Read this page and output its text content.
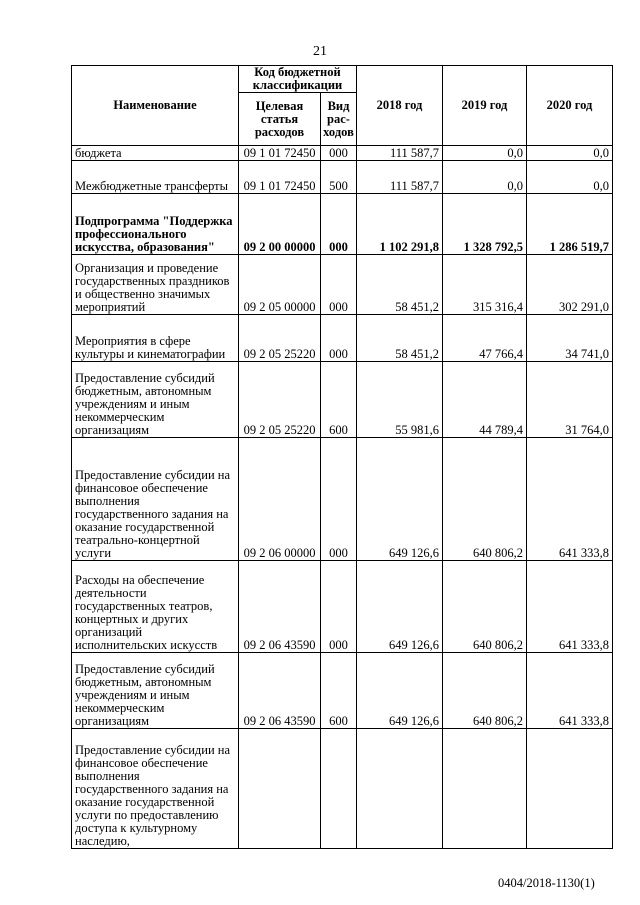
21
Наименование	Код бюджетной классификации		2018 год	2019 год	2020 год
	Целевая статья расходов	Вид рас-ходов			
бюджета	09 1 01 72450	000	111 587,7	0,0	0,0
Межбюджетные трансферты	09 1 01 72450	500	111 587,7	0,0	0,0
Подпрограмма "Поддержка профессионального искусства, образования"	09 2 00 00000	000	1 102 291,8	1 328 792,5	1 286 519,7
Организация и проведение государственных праздников и общественно значимых мероприятий	09 2 05 00000	000	58 451,2	315 316,4	302 291,0
Мероприятия в сфере культуры и кинематографии	09 2 05 25220	000	58 451,2	47 766,4	34 741,0
Предоставление субсидий бюджетным, автономным учреждениям и иным некоммерческим организациям	09 2 05 25220	600	55 981,6	44 789,4	31 764,0
Предоставление субсидии на финансовое обеспечение выполнения государственного задания на оказание государственной театрально-концертной услуги	09 2 06 00000	000	649 126,6	640 806,2	641 333,8
Расходы на обеспечение деятельности государственных театров, концертных и других организаций исполнительских искусств	09 2 06 43590	000	649 126,6	640 806,2	641 333,8
Предоставление субсидий бюджетным, автономным учреждениям и иным некоммерческим организациям	09 2 06 43590	600	649 126,6	640 806,2	641 333,8
Предоставление субсидии на финансовое обеспечение выполнения государственного задания на оказание государственной услуги по предоставлению доступа к культурному наследию,					
0404/2018-1130(1)
